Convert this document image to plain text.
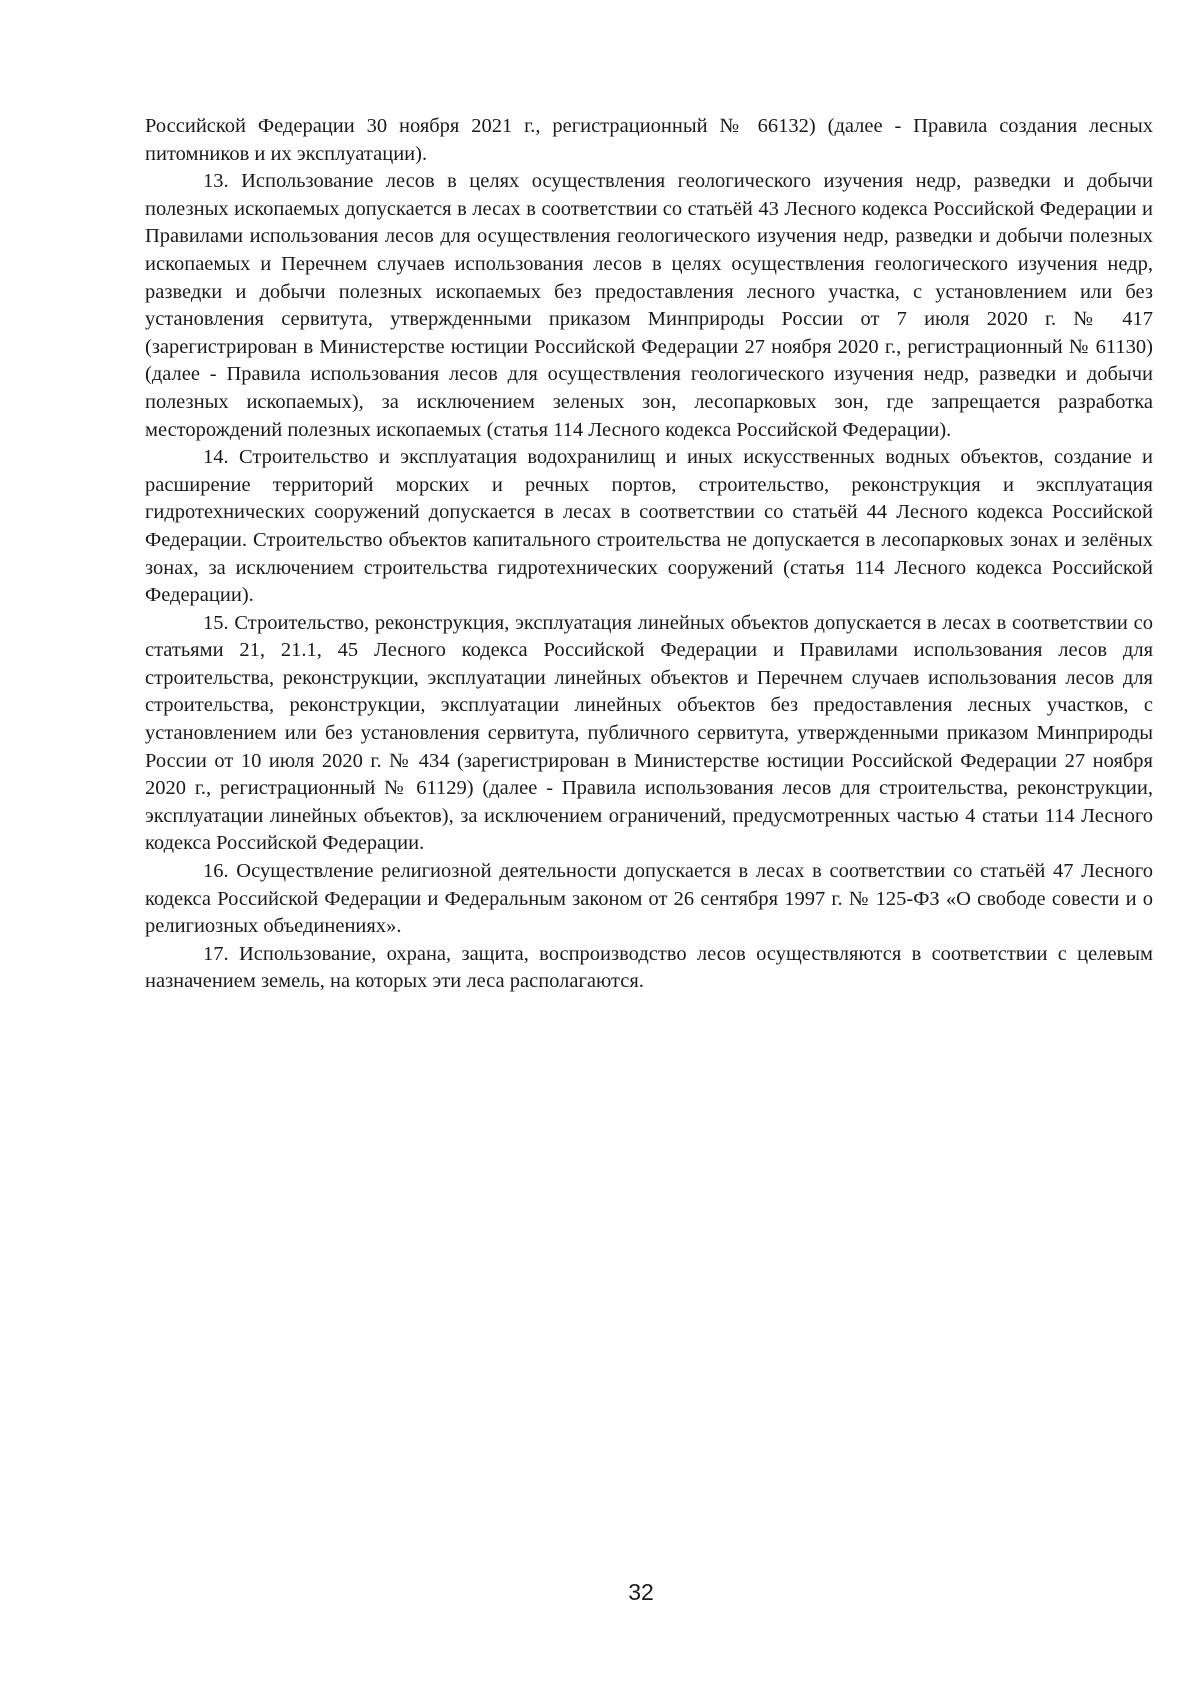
Российской Федерации 30 ноября 2021 г., регистрационный № 66132) (далее - Правила создания лесных питомников и их эксплуатации).

13. Использование лесов в целях осуществления геологического изучения недр, разведки и добычи полезных ископаемых допускается в лесах в соответствии со статьёй 43 Лесного кодекса Российской Федерации и Правилами использования лесов для осуществления геологического изучения недр, разведки и добычи полезных ископаемых и Перечнем случаев использования лесов в целях осуществления геологического изучения недр, разведки и добычи полезных ископаемых без предоставления лесного участка, с установлением или без установления сервитута, утвержденными приказом Минприроды России от 7 июля 2020 г. № 417 (зарегистрирован в Министерстве юстиции Российской Федерации 27 ноября 2020 г., регистрационный № 61130) (далее - Правила использования лесов для осуществления геологического изучения недр, разведки и добычи полезных ископаемых), за исключением зеленых зон, лесопарковых зон, где запрещается разработка месторождений полезных ископаемых (статья 114 Лесного кодекса Российской Федерации).

14. Строительство и эксплуатация водохранилищ и иных искусственных водных объектов, создание и расширение территорий морских и речных портов, строительство, реконструкция и эксплуатация гидротехнических сооружений допускается в лесах в соответствии со статьёй 44 Лесного кодекса Российской Федерации. Строительство объектов капитального строительства не допускается в лесопарковых зонах и зелёных зонах, за исключением строительства гидротехнических сооружений (статья 114 Лесного кодекса Российской Федерации).

15. Строительство, реконструкция, эксплуатация линейных объектов допускается в лесах в соответствии со статьями 21, 21.1, 45 Лесного кодекса Российской Федерации и Правилами использования лесов для строительства, реконструкции, эксплуатации линейных объектов и Перечнем случаев использования лесов для строительства, реконструкции, эксплуатации линейных объектов без предоставления лесных участков, с установлением или без установления сервитута, публичного сервитута, утвержденными приказом Минприроды России от 10 июля 2020 г. № 434 (зарегистрирован в Министерстве юстиции Российской Федерации 27 ноября 2020 г., регистрационный № 61129) (далее - Правила использования лесов для строительства, реконструкции, эксплуатации линейных объектов), за исключением ограничений, предусмотренных частью 4 статьи 114 Лесного кодекса Российской Федерации.

16. Осуществление религиозной деятельности допускается в лесах в соответствии со статьёй 47 Лесного кодекса Российской Федерации и Федеральным законом от 26 сентября 1997 г. № 125-ФЗ «О свободе совести и о религиозных объединениях».

17. Использование, охрана, защита, воспроизводство лесов осуществляются в соответствии с целевым назначением земель, на которых эти леса располагаются.

32
